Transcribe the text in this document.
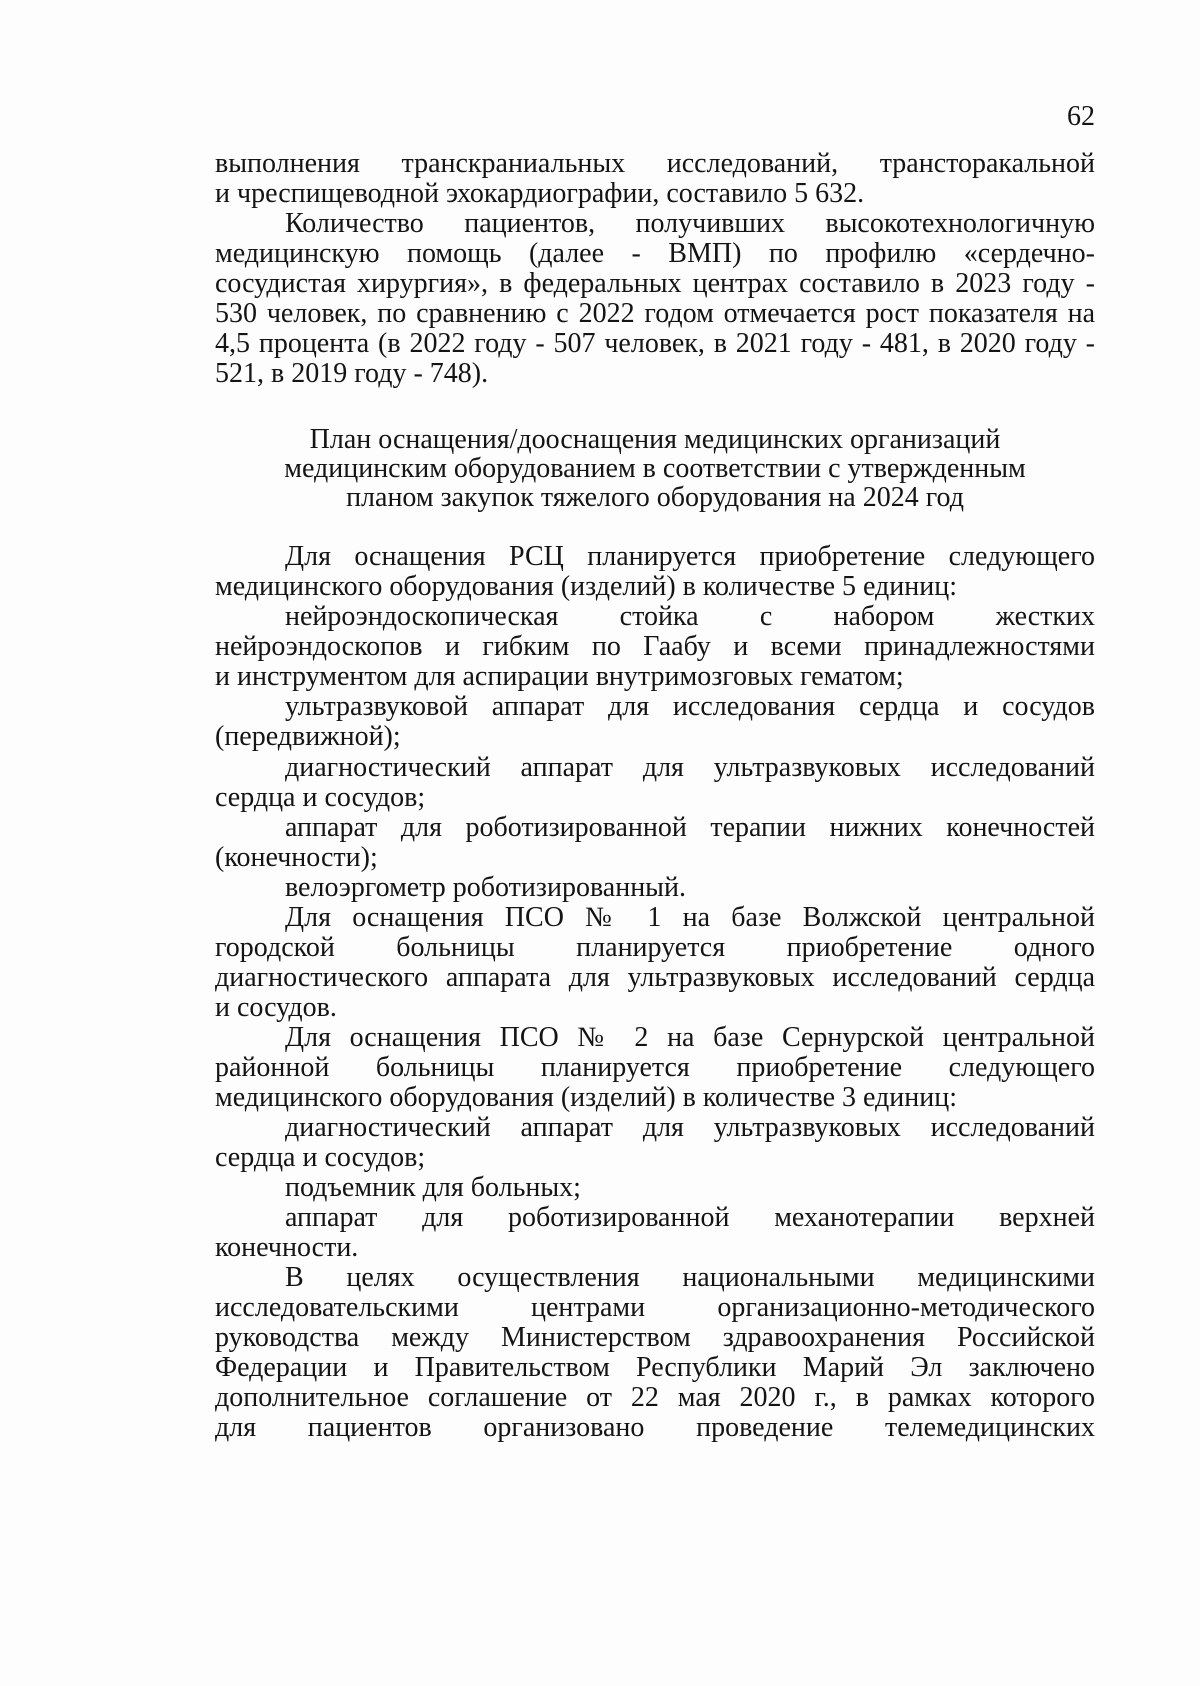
62
выполнения транскраниальных исследований, трансторакальной
и чреспищеводной эхокардиографии, составило 5 632.
Количество пациентов, получивших высокотехнологичную
медицинскую помощь (далее - ВМП) по профилю «сердечно-
сосудистая хирургия», в федеральных центрах составило в 2023 году -
530 человек, по сравнению с 2022 годом отмечается рост показателя на
4,5 процента (в 2022 году - 507 человек, в 2021 году - 481, в 2020 году -
521, в 2019 году - 748).
План оснащения/дооснащения медицинских организаций
медицинским оборудованием в соответствии с утвержденным
планом закупок тяжелого оборудования на 2024 год
Для оснащения РСЦ планируется приобретение следующего
медицинского оборудования (изделий) в количестве 5 единиц:
нейроэндоскопическая стойка с набором жестких
нейроэндоскопов и гибким по Гаабу и всеми принадлежностями
и инструментом для аспирации внутримозговых гематом;
ультразвуковой аппарат для исследования сердца и сосудов
(передвижной);
диагностический аппарат для ультразвуковых исследований
сердца и сосудов;
аппарат для роботизированной терапии нижних конечностей
(конечности);
велоэргометр роботизированный.
Для оснащения ПСО № 1 на базе Волжской центральной
городской больницы планируется приобретение одного
диагностического аппарата для ультразвуковых исследований сердца
и сосудов.
Для оснащения ПСО № 2 на базе Сернурской центральной
районной больницы планируется приобретение следующего
медицинского оборудования (изделий) в количестве 3 единиц:
диагностический аппарат для ультразвуковых исследований
сердца и сосудов;
подъемник для больных;
аппарат для роботизированной механотерапии верхней
конечности.
В целях осуществления национальными медицинскими
исследовательскими центрами организационно-методического
руководства между Министерством здравоохранения Российской
Федерации и Правительством Республики Марий Эл заключено
дополнительное соглашение от 22 мая 2020 г., в рамках которого
для пациентов организовано проведение телемедицинских
